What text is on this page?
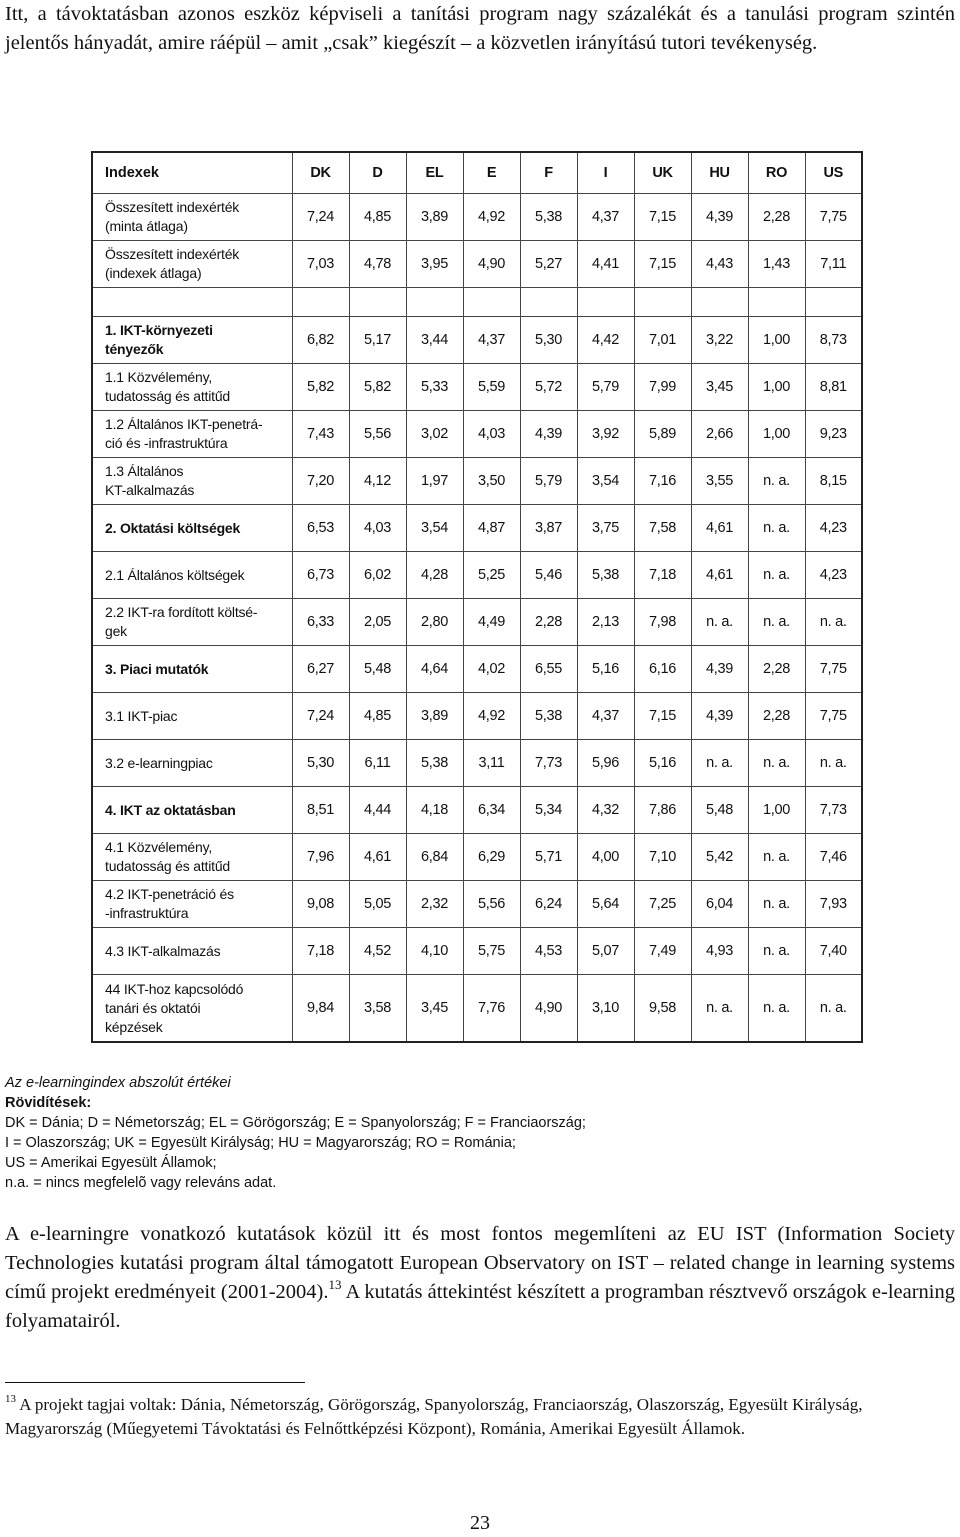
Itt, a távoktatásban azonos eszköz képviseli a tanítási program nagy százalékát és a tanulási program szintén jelentős hányadát, amire ráépül – amit „csak” kiegészít – a közvetlen irányítású tutori tevékenység.

Indexek	DK	D	EL	E	F	I	UK	HU	RO	US

Összesített indexérték
(minta átlaga)	7,24	4,85	3,89	4,92	5,38	4,37	7,15	4,39	2,28	7,75

Összesített indexérték
(indexek átlaga)	7,03	4,78	3,95	4,90	5,27	4,41	7,15	4,43	1,43	7,11

1. IKT-környezeti
tényezők	6,82	5,17	3,44	4,37	5,30	4,42	7,01	3,22	1,00	8,73

1.1 Közvélemény,
tudatosság és attitűd	5,82	5,82	5,33	5,59	5,72	5,79	7,99	3,45	1,00	8,81

1.2 Általános IKT-penetrá-
ció és -infrastruktúra	7,43	5,56	3,02	4,03	4,39	3,92	5,89	2,66	1,00	9,23

1.3 Általános
KT-alkalmazás	7,20	4,12	1,97	3,50	5,79	3,54	7,16	3,55	n. a.	8,15

2. Oktatási költségek	6,53	4,03	3,54	4,87	3,87	3,75	7,58	4,61	n. a.	4,23

2.1 Általános költségek	6,73	6,02	4,28	5,25	5,46	5,38	7,18	4,61	n. a.	4,23

2.2 IKT-ra fordított költsé-
gek	6,33	2,05	2,80	4,49	2,28	2,13	7,98	n. a.	n. a.	n. a.

3. Piaci mutatók	6,27	5,48	4,64	4,02	6,55	5,16	6,16	4,39	2,28	7,75

3.1 IKT-piac	7,24	4,85	3,89	4,92	5,38	4,37	7,15	4,39	2,28	7,75

3.2 e-learningpiac	5,30	6,11	5,38	3,11	7,73	5,96	5,16	n. a.	n. a.	n. a.

4. IKT az oktatásban	8,51	4,44	4,18	6,34	5,34	4,32	7,86	5,48	1,00	7,73

4.1 Közvélemény,
tudatosság és attitűd	7,96	4,61	6,84	6,29	5,71	4,00	7,10	5,42	n. a.	7,46

4.2 IKT-penetráció és
-infrastruktúra	9,08	5,05	2,32	5,56	6,24	5,64	7,25	6,04	n. a.	7,93

4.3 IKT-alkalmazás	7,18	4,52	4,10	5,75	4,53	5,07	7,49	4,93	n. a.	7,40

44 IKT-hoz kapcsolódó
tanári és oktatói
képzések	9,84	3,58	3,45	7,76	4,90	3,10	9,58	n. a.	n. a.	n. a.
Az e-learningindex abszolút értékei
Rövidítések:
DK = Dánia; D = Németország; EL = Görögország; E = Spanyolország; F = Franciaország;
I = Olaszország; UK = Egyesült Királyság; HU = Magyarország; RO = Románia;
US = Amerikai Egyesült Államok;
n.a. = nincs megfelelõ vagy releváns adat.

A e-learningre vonatkozó kutatások közül itt és most fontos megemlíteni az EU IST (Information Society Technologies kutatási program által támogatott European Observatory on IST – related change in learning systems című projekt eredményeit (2001-2004).$^{13}$ A kutatás áttekintést készített a programban résztvevő országok e-learning folyamatairól.

$^{13}$ A projekt tagjai voltak: Dánia, Németország, Görögország, Spanyolország, Franciaország, Olaszország, Egyesült Királyság, Magyarország (Műegyetemi Távoktatási és Felnőttképzési Központ), Románia, Amerikai Egyesült Államok.

23
